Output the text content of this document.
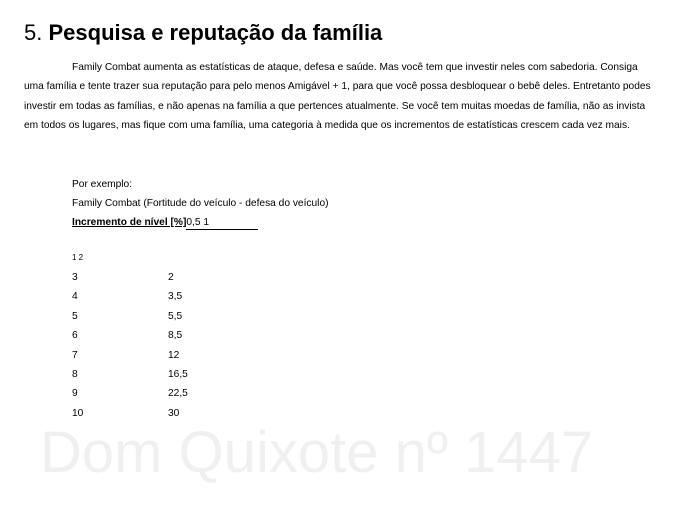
5. Pesquisa e reputação da família

Family Combat aumenta as estatísticas de ataque, defesa e saúde. Mas você tem que investir neles com sabedoria. Consiga uma família e tente trazer sua reputação para pelo menos Amigável + 1, para que você possa desbloquear o bebê deles. Entretanto podes investir em todas as famílias, e não apenas na família a que pertences atualmente. Se você tem muitas moedas de família, não as invista em todos os lugares, mas fique com uma família, uma categoria à medida que os incrementos de estatísticas crescem cada vez mais.

Por exemplo:
Family Combat (Fortitude do veículo - defesa do veículo)
Incremento de nível [%]0,5 1
1 2
3	2
4	3,5
5	5,5
6	8,5
7	12
8	16,5
9	22,5
10	30
Dom Quixote nº 1447
